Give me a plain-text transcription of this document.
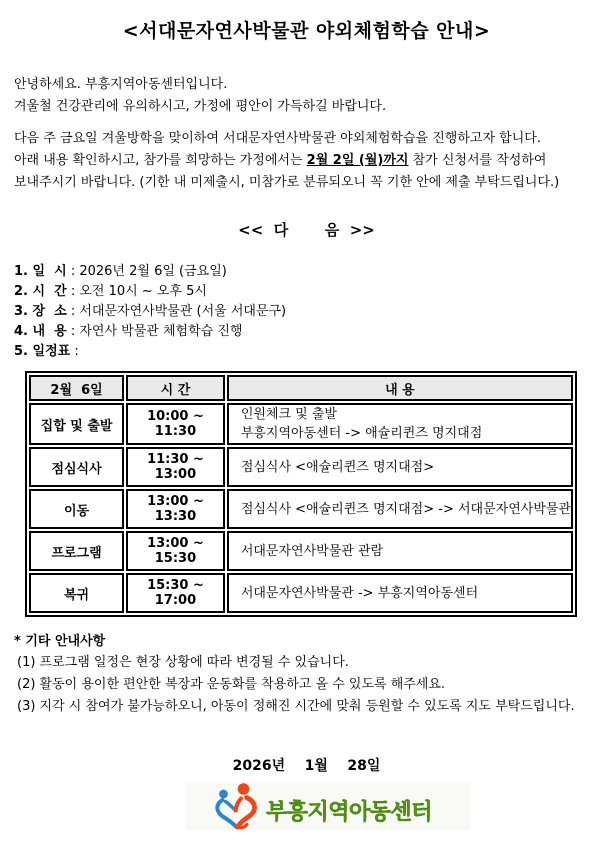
<서대문자연사박물관 야외체험학습 안내>
안녕하세요. 부흥지역아동센터입니다.
겨울철 건강관리에 유의하시고, 가정에 평안이 가득하길 바랍니다.
다음 주 금요일 겨울방학을 맞이하여 서대문자연사박물관 야외체험학습을 진행하고자 합니다.
아래 내용 확인하시고, 참가를 희망하는 가정에서는 2월 2일 (월)까지 참가 신청서를 작성하여
보내주시기 바랍니다. (기한 내 미제출시, 미참가로 분류되오니 꼭 기한 안에 제출 부탁드립니다.)
<<  다       음  >>
1. 일  시 : 2026년 2월 6일 (금요일)
2. 시  간 : 오전 10시 ~ 오후 5시
3. 장  소 : 서대문자연사박물관 (서울 서대문구)
4. 내  용 : 자연사 박물관 체험학습 진행
5. 일정표 :
2월  6일	시 간	내 용
집합 및 출발	10:00 ~ 11:30	인원체크 및 출발
부흥지역아동센터 -> 애슐리퀸즈 명지대점

점심식사	11:30 ~ 13:00	점심식사 <애슐리퀸즈 명지대점>

이동	13:00 ~ 13:30	점심식사 <애슐리퀸즈 명지대점> -> 서대문자연사박물관

프로그램	13:00 ~ 15:30	서대문자연사박물관 관람

복귀	15:30 ~ 17:00	서대문자연사박물관 -> 부흥지역아동센터
* 기타 안내사항
(1) 프로그램 일정은 현장 상황에 따라 변경될 수 있습니다.
(2) 활동이 용이한 편안한 복장과 운동화를 착용하고 올 수 있도록 해주세요.
(3) 지각 시 참여가 불가능하오니, 아동이 정해진 시간에 맞춰 등원할 수 있도록 지도 부탁드립니다.
2026년    1월    28일
부흥지역아동센터
